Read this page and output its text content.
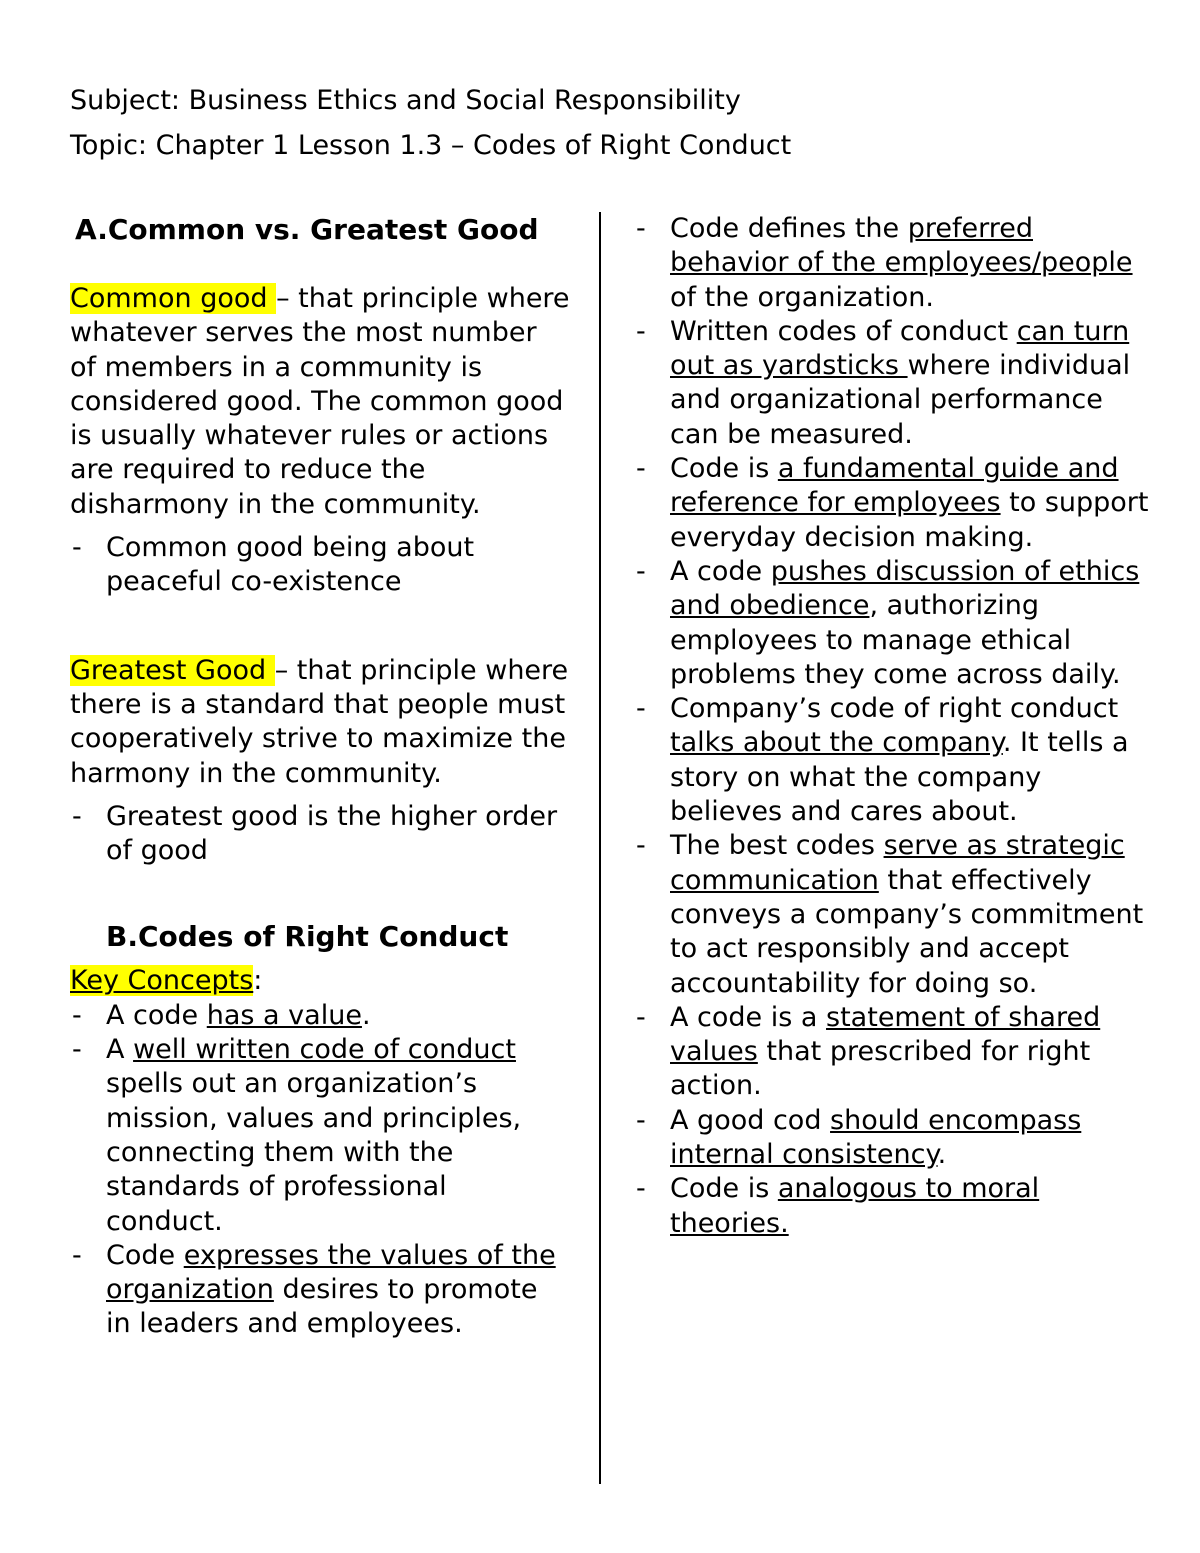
Subject: Business Ethics and Social Responsibility
Topic: Chapter 1 Lesson 1.3 – Codes of Right Conduct
A.Common vs. Greatest Good

Common good – that principle where whatever serves the most number of members in a community is considered good. The common good is usually whatever rules or actions are required to reduce the disharmony in the community.

- Common good being about peaceful co-existence

Greatest Good – that principle where there is a standard that people must cooperatively strive to maximize the harmony in the community.

- Greatest good is the higher order of good
B.Codes of Right Conduct
Key Concepts:
- A code has a value.
- A well written code of conduct spells out an organization’s mission, values and principles, connecting them with the standards of professional conduct.
- Code expresses the values of the organization desires to promote in leaders and employees.
- Code defines the preferred behavior of the employees/people of the organization.
- Written codes of conduct can turn out as yardsticks where individual and organizational performance can be measured.
- Code is a fundamental guide and reference for employees to support everyday decision making.
- A code pushes discussion of ethics and obedience, authorizing employees to manage ethical problems they come across daily.
- Company’s code of right conduct talks about the company. It tells a story on what the company believes and cares about.
- The best codes serve as strategic communication that effectively conveys a company’s commitment to act responsibly and accept accountability for doing so.
- A code is a statement of shared values that prescribed for right action.
- A good cod should encompass internal consistency.
- Code is analogous to moral theories.
